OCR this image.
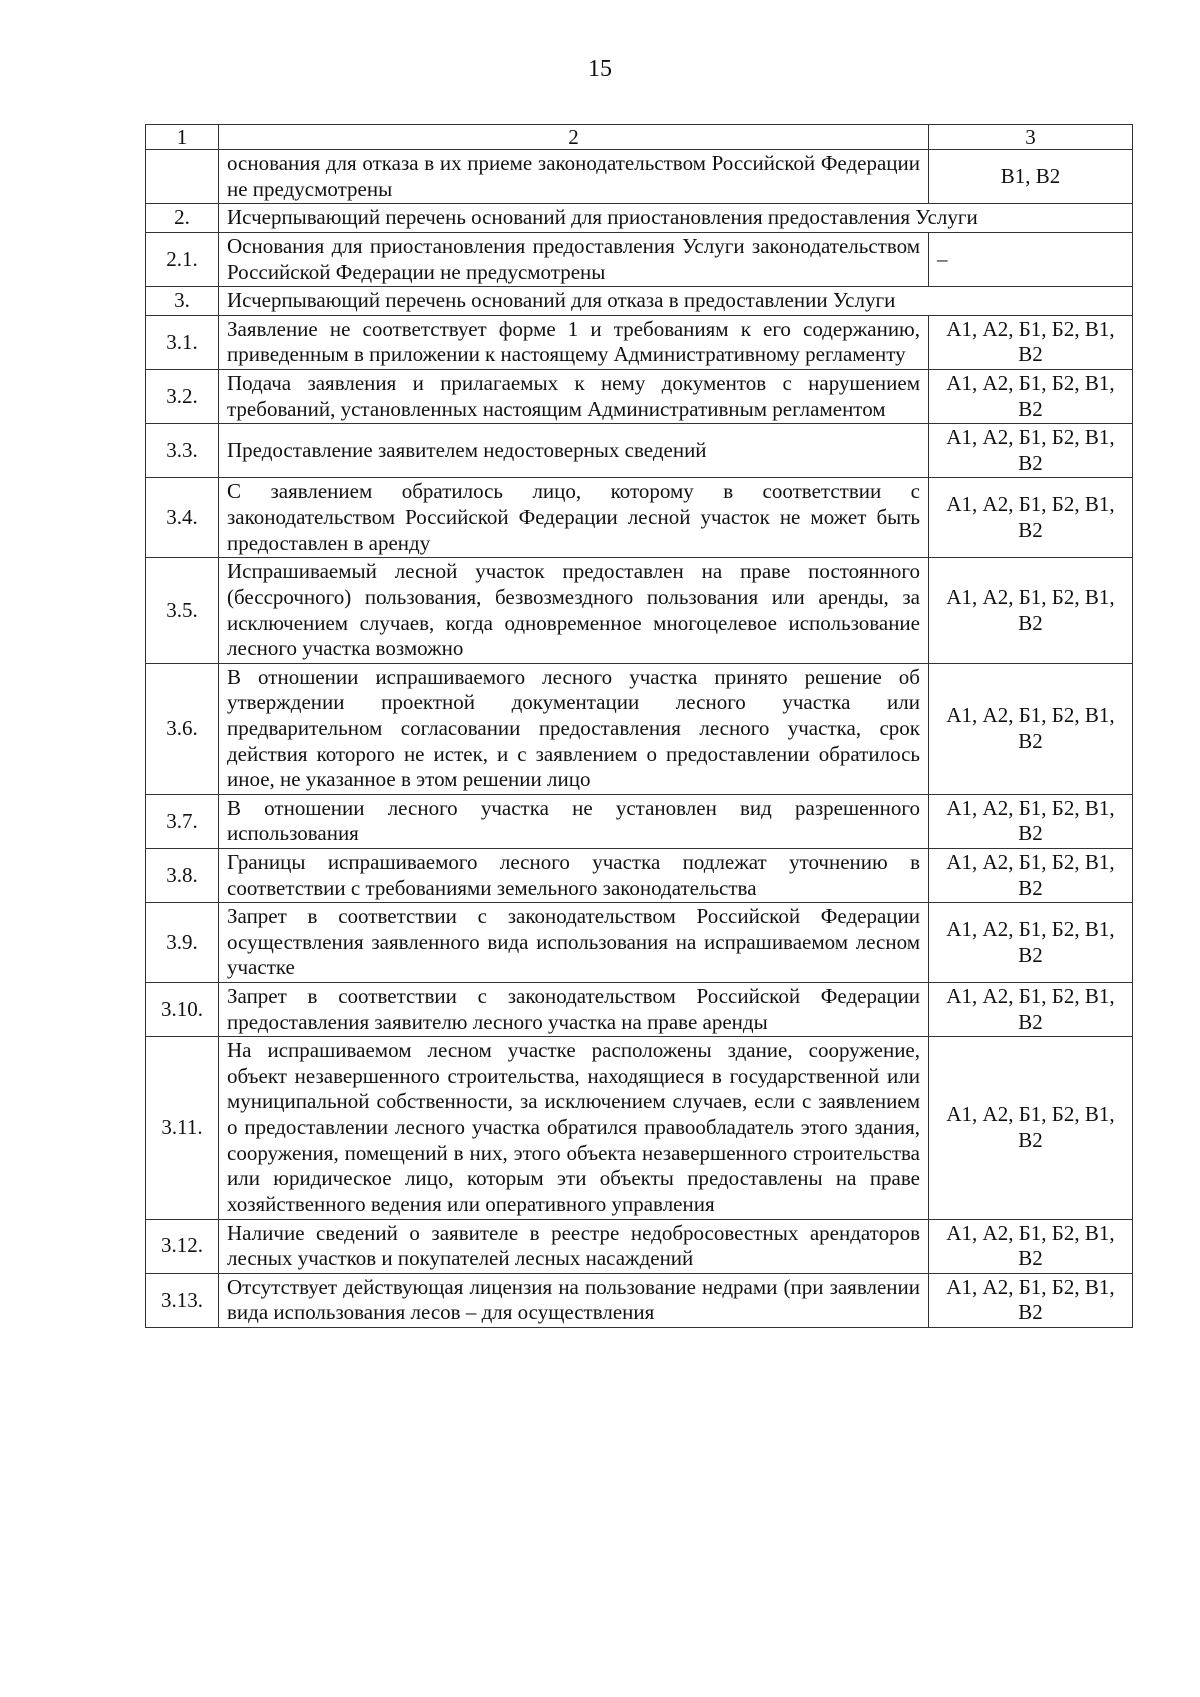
15
1	2	3
	основания для отказа в их приеме законодательством Российской Федерации не предусмотрены	В1, В2
2.	Исчерпывающий перечень оснований для приостановления предоставления Услуги	
2.1.	Основания для приостановления предоставления Услуги законодательством Российской Федерации не предусмотрены	–
3.	Исчерпывающий перечень оснований для отказа в предоставлении Услуги	
3.1.	Заявление не соответствует форме 1 и требованиям к его содержанию, приведенным в приложении к настоящему Административному регламенту	А1, А2, Б1, Б2, В1, В2
3.2.	Подача заявления и прилагаемых к нему документов с нарушением требований, установленных настоящим Административным регламентом	А1, А2, Б1, Б2, В1, В2
3.3.	Предоставление заявителем недостоверных сведений	А1, А2, Б1, Б2, В1, В2
3.4.	С заявлением обратилось лицо, которому в соответствии с законодательством Российской Федерации лесной участок не может быть предоставлен в аренду	А1, А2, Б1, Б2, В1, В2
3.5.	Испрашиваемый лесной участок предоставлен на праве постоянного (бессрочного) пользования, безвозмездного пользования или аренды, за исключением случаев, когда одновременное многоцелевое использование лесного участка возможно	А1, А2, Б1, Б2, В1, В2
3.6.	В отношении испрашиваемого лесного участка принято решение об утверждении проектной документации лесного участка или предварительном согласовании предоставления лесного участка, срок действия которого не истек, и с заявлением о предоставлении обратилось иное, не указанное в этом решении лицо	А1, А2, Б1, Б2, В1, В2
3.7.	В отношении лесного участка не установлен вид разрешенного использования	А1, А2, Б1, Б2, В1, В2
3.8.	Границы испрашиваемого лесного участка подлежат уточнению в соответствии с требованиями земельного законодательства	А1, А2, Б1, Б2, В1, В2
3.9.	Запрет в соответствии с законодательством Российской Федерации осуществления заявленного вида использования на испрашиваемом лесном участке	А1, А2, Б1, Б2, В1, В2
3.10.	Запрет в соответствии с законодательством Российской Федерации предоставления заявителю лесного участка на праве аренды	А1, А2, Б1, Б2, В1, В2
3.11.	На испрашиваемом лесном участке расположены здание, сооружение, объект незавершенного строительства, находящиеся в государственной или муниципальной собственности, за исключением случаев, если с заявлением о предоставлении лесного участка обратился правообладатель этого здания, сооружения, помещений в них, этого объекта незавершенного строительства или юридическое лицо, которым эти объекты предоставлены на праве хозяйственного ведения или оперативного управления	А1, А2, Б1, Б2, В1, В2
3.12.	Наличие сведений о заявителе в реестре недобросовестных арендаторов лесных участков и покупателей лесных насаждений	А1, А2, Б1, Б2, В1, В2
3.13.	Отсутствует действующая лицензия на пользование недрами (при заявлении вида использования лесов – для осуществления	А1, А2, Б1, Б2, В1, В2
